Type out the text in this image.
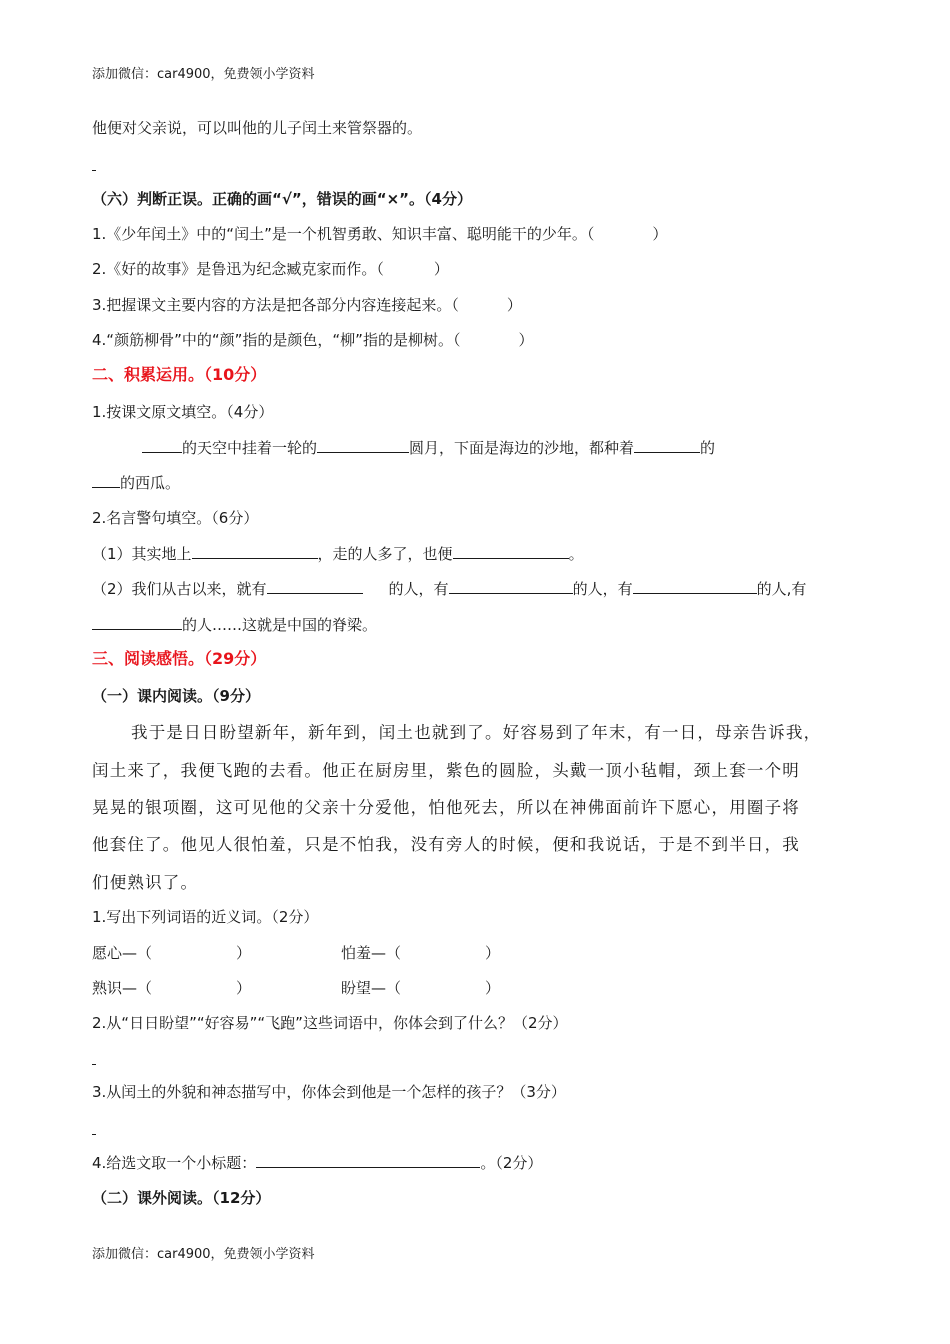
添加微信：car4900，免费领小学资料
他便对父亲说，可以叫他的儿子闰土来管祭器的。
（六）判断正误。正确的画“√”，错误的画“×”。（4分）
1.《少年闰土》中的“闰土”是一个机智勇敢、知识丰富、聪明能干的少年。（	）
2.《好的故事》是鲁迅为纪念臧克家而作。（	）
3.把握课文主要内容的方法是把各部分内容连接起来。（	）
4.“颜筋柳骨”中的“颜”指的是颜色，“柳”指的是柳树。（	）
二、积累运用。（10分）
1.按课文原文填空。（4分）
的天空中挂着一轮的	圆月，下面是海边的沙地，都种着	的
的西瓜。
2.名言警句填空。（6分）
（1）其实地上	，走的人多了，也便	。
（2）我们从古以来，就有	的人，有	的人，有	的人,有
的人……这就是中国的脊梁。
三、阅读感悟。（29分）
（一）课内阅读。（9分）
我于是日日盼望新年，新年到，闰土也就到了。好容易到了年末，有一日，母亲告诉我，
闰土来了，我便飞跑的去看。他正在厨房里，紫色的圆脸，头戴一顶小毡帽，颈上套一个明
晃晃的银项圈，这可见他的父亲十分爱他，怕他死去，所以在神佛面前许下愿心，用圈子将
他套住了。他见人很怕羞，只是不怕我，没有旁人的时候，便和我说话，于是不到半日，我
们便熟识了。
1.写出下列词语的近义词。（2分）
愿心—（	）	怕羞—（	）
熟识—（	）	盼望—（	）
2.从“日日盼望”“好容易”“飞跑”这些词语中，你体会到了什么？（2分）
3.从闰土的外貌和神态描写中，你体会到他是一个怎样的孩子？（3分）
4.给选文取一个小标题：	。（2分）
（二）课外阅读。（12分）
添加微信：car4900，免费领小学资料
